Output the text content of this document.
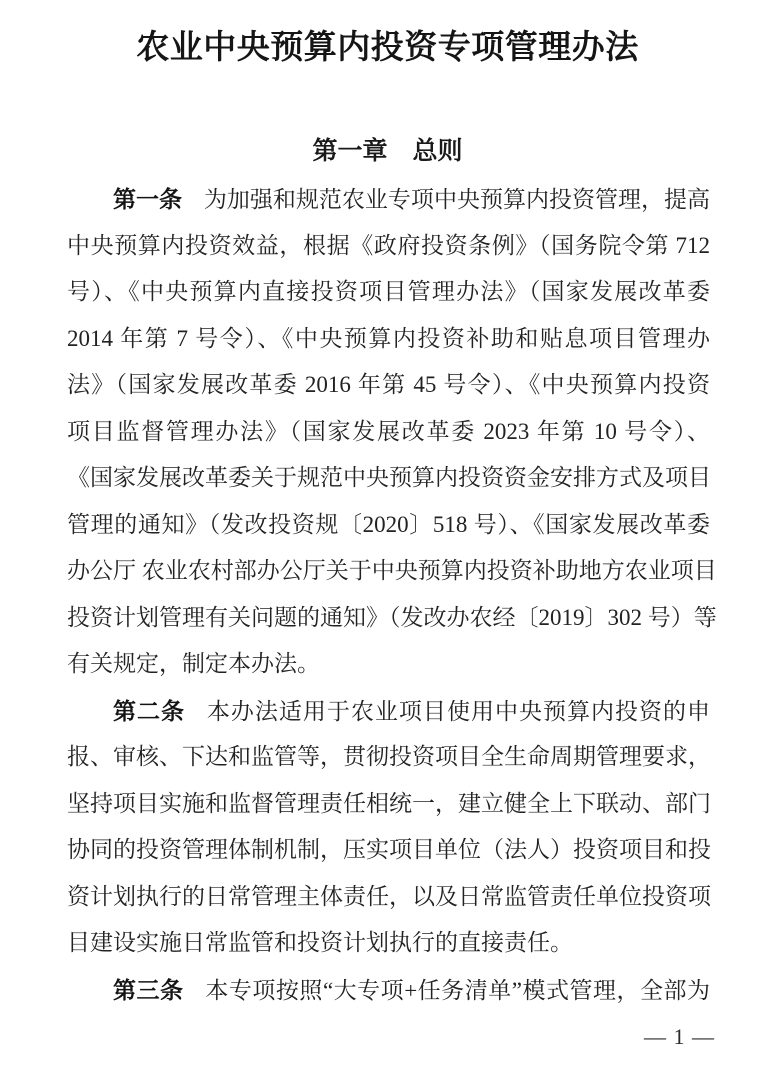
农业中央预算内投资专项管理办法
第一章　总则
第一条 为加强和规范农业专项中央预算内投资管理，提高
中央预算内投资效益，根据《政府投资条例》（国务院令第 712
号）、《中央预算内直接投资项目管理办法》（国家发展改革委
2014 年第 7 号令）、《中央预算内投资补助和贴息项目管理办
法》（国家发展改革委 2016 年第 45 号令）、《中央预算内投资
项目监督管理办法》（国家发展改革委 2023 年第 10 号令）、
《国家发展改革委关于规范中央预算内投资资金安排方式及项目
管理的通知》（发改投资规〔2020〕518 号）、《国家发展改革委
办公厅 农业农村部办公厅关于中央预算内投资补助地方农业项目
投资计划管理有关问题的通知》（发改办农经〔2019〕302 号）等
有关规定，制定本办法。
第二条 本办法适用于农业项目使用中央预算内投资的申
报、审核、下达和监管等，贯彻投资项目全生命周期管理要求，
坚持项目实施和监督管理责任相统一，建立健全上下联动、部门
协同的投资管理体制机制，压实项目单位（法人）投资项目和投
资计划执行的日常管理主体责任，以及日常监管责任单位投资项
目建设实施日常监管和投资计划执行的直接责任。
第三条 本专项按照“大专项+任务清单”模式管理，全部为
— 1 —
